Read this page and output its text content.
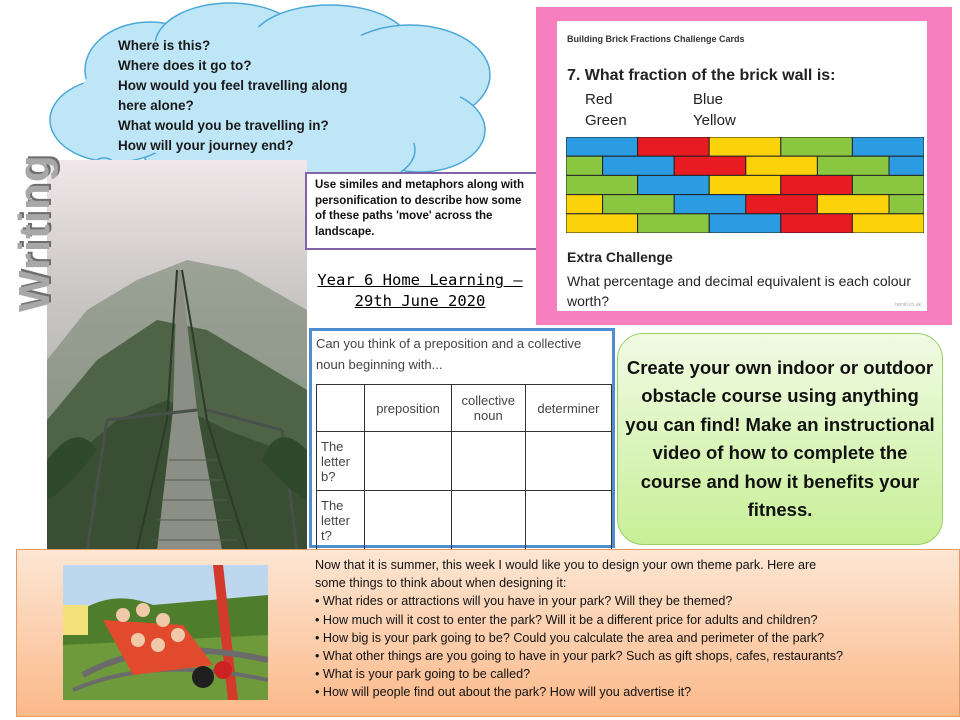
Where is this?
Where does it go to?
How would you feel travelling along
here alone?
What would you be travelling in?
How will your journey end?
Writing	Use similes and metaphors along with personification to describe how some of these paths 'move' across the landscape.
Year 6 Home Learning –
29th June 2020
Building Brick Fractions Challenge Cards
7. What fraction of the brick wall is:
Red	Blue
Green	Yellow
Extra Challenge
What percentage and decimal equivalent is each colour worth?	twinkl.co.uk
Can you think of a preposition and a collective noun beginning with...
	preposition	collective noun	determiner
The letter b?			
The letter t?			
Create your own indoor or outdoor obstacle course using anything you can find! Make an instructional video of how to complete the course and how it benefits your fitness.
Now that it is summer, this week I would like you to design your own theme park. Here are
some things to think about when designing it:
• What rides or attractions will you have in your park? Will they be themed?
• How much will it cost to enter the park? Will it be a different price for adults and children?
• How big is your park going to be? Could you calculate the area and perimeter of the park?
• What other things are you going to have in your park? Such as gift shops, cafes, restaurants?
• What is your park going to be called?
• How will people find out about the park? How will you advertise it?
